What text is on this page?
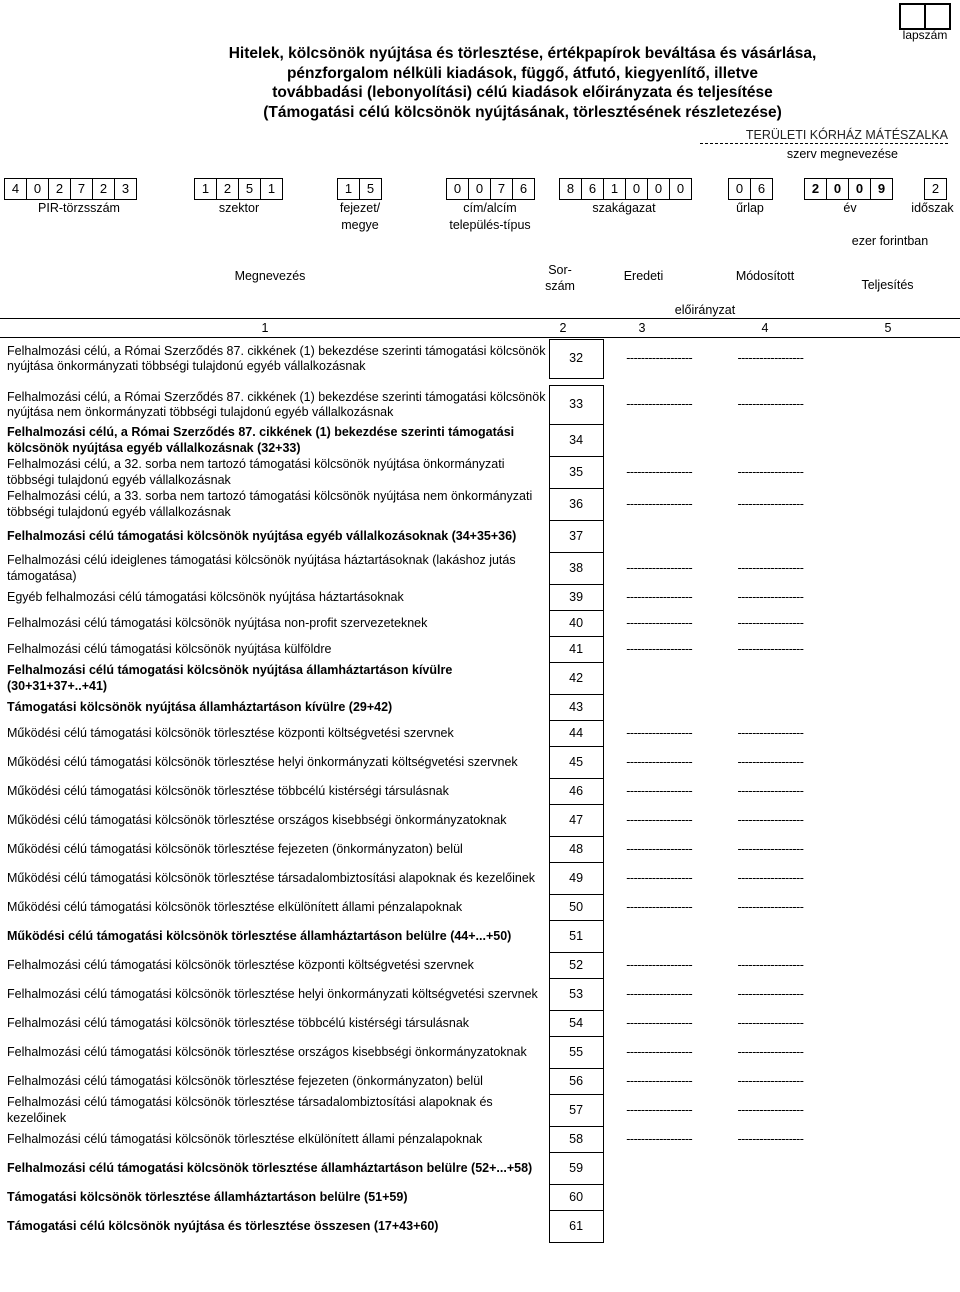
lapszám
Hitelek, kölcsönök nyújtása és törlesztése, értékpapírok beváltása és vásárlása,
pénzforgalom nélküli kiadások, függő, átfutó, kiegyenlítő, illetve
továbbadási (lebonyolítási) célú kiadások előirányzata és teljesítése
(Támogatási célú kölcsönök nyújtásának, törlesztésének részletezése)
TERÜLETI KÓRHÁZ MÁTÉSZALKA
szerv megnevezése
4	0	2	7	2	3	1	2	5	1	1	5	0	0	7	6	8	6	1	0	0	0	0	6	2	0	0	9	2
PIR-törzsszám	szektor	fejezet/
megye
cím/alcím
település-típus
szakágazat	űrlap	év	időszak
ezer forintban
Megnevezés	Sor-
szám
Eredeti	Módosított
Teljesítés
előirányzat
1	2	3	4	5
Felhalmozási célú, a Római Szerződés 87. cikkének (1) bekezdése szerinti támogatási kölcsönök nyújtása önkormányzati többségi tulajdonú egyéb vállalkozásnak	32	------------------	------------------

Felhalmozási célú, a Római Szerződés 87. cikkének (1) bekezdése szerinti támogatási kölcsönök nyújtása nem önkormányzati többségi tulajdonú egyéb vállalkozásnak	33	------------------	------------------
Felhalmozási célú, a Római Szerződés 87. cikkének (1) bekezdése szerinti támogatási kölcsönök nyújtása egyéb vállalkozásnak (32+33)	34		
Felhalmozási célú, a 32. sorba nem tartozó támogatási kölcsönök nyújtása önkormányzati többségi tulajdonú egyéb vállalkozásnak	35	------------------	------------------
Felhalmozási célú, a 33. sorba nem tartozó támogatási kölcsönök nyújtása nem önkormányzati többségi tulajdonú egyéb vállalkozásnak	36	------------------	------------------
Felhalmozási célú támogatási kölcsönök nyújtása egyéb vállalkozásoknak (34+35+36)	37		
Felhalmozási célú ideiglenes támogatási kölcsönök nyújtása háztartásoknak (lakáshoz jutás támogatása)	38	------------------	------------------
Egyéb felhalmozási célú támogatási kölcsönök nyújtása háztartásoknak	39	------------------	------------------
Felhalmozási célú támogatási kölcsönök nyújtása non-profit szervezeteknek	40	------------------	------------------
Felhalmozási célú támogatási kölcsönök nyújtása külföldre	41	------------------	------------------
Felhalmozási célú támogatási kölcsönök nyújtása államháztartáson kívülre (30+31+37+..+41)	42		
Támogatási kölcsönök nyújtása államháztartáson kívülre (29+42)	43		
Működési célú támogatási kölcsönök törlesztése központi költségvetési szervnek	44	------------------	------------------
Működési célú támogatási kölcsönök törlesztése helyi önkormányzati költségvetési szervnek	45	------------------	------------------
Működési célú támogatási kölcsönök törlesztése többcélú kistérségi társulásnak	46	------------------	------------------
Működési célú támogatási kölcsönök törlesztése országos kisebbségi önkormányzatoknak	47	------------------	------------------
Működési célú támogatási kölcsönök törlesztése fejezeten (önkormányzaton) belül	48	------------------	------------------
Működési célú támogatási kölcsönök törlesztése társadalombiztosítási alapoknak és kezelőinek	49	------------------	------------------
Működési célú támogatási kölcsönök törlesztése elkülönített állami pénzalapoknak	50	------------------	------------------
Működési célú támogatási kölcsönök törlesztése államháztartáson belülre (44+...+50)	51		
Felhalmozási célú támogatási kölcsönök törlesztése központi költségvetési szervnek	52	------------------	------------------
Felhalmozási célú támogatási kölcsönök törlesztése helyi önkormányzati költségvetési szervnek	53	------------------	------------------
Felhalmozási célú támogatási kölcsönök törlesztése többcélú kistérségi társulásnak	54	------------------	------------------
Felhalmozási célú támogatási kölcsönök törlesztése országos kisebbségi önkormányzatoknak	55	------------------	------------------
Felhalmozási célú támogatási kölcsönök törlesztése fejezeten (önkormányzaton) belül	56	------------------	------------------
Felhalmozási célú támogatási kölcsönök törlesztése társadalombiztosítási alapoknak és kezelőinek	57	------------------	------------------
Felhalmozási célú támogatási kölcsönök törlesztése elkülönített állami pénzalapoknak	58	------------------	------------------
Felhalmozási célú támogatási kölcsönök törlesztése államháztartáson belülre (52+...+58)	59		
Támogatási kölcsönök törlesztése államháztartáson belülre (51+59)	60		
Támogatási célú kölcsönök nyújtása és törlesztése összesen (17+43+60)	61		
